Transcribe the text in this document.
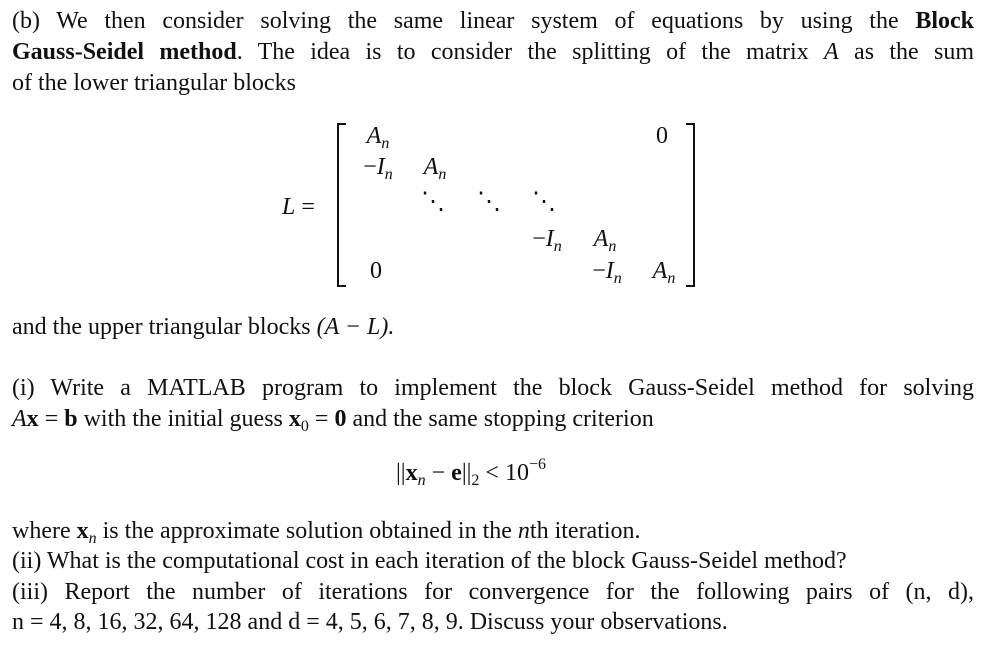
(b) We then consider solving the same linear system of equations by using the Block
Gauss-Seidel method. The idea is to consider the splitting of the matrix A as the sum
of the lower triangular blocks
L =
$A_n$	0
$-I_n$ $A_n$
⋱ ⋱ ⋱
$-I_n$ $A_n$
0	$-I_n$ $A_n$
and the upper triangular blocks (A − L).
(i) Write a MATLAB program to implement the block Gauss-Seidel method for solving
Ax = b with the initial guess $x_0 = 0$ and the same stopping criterion
$||x_n - e||_2 < 10^{-6}$
where $x_n$ is the approximate solution obtained in the nth iteration.
(ii) What is the computational cost in each iteration of the block Gauss-Seidel method?
(iii) Report the number of iterations for convergence for the following pairs of (n, d),
n = 4, 8, 16, 32, 64, 128 and d = 4, 5, 6, 7, 8, 9. Discuss your observations.
